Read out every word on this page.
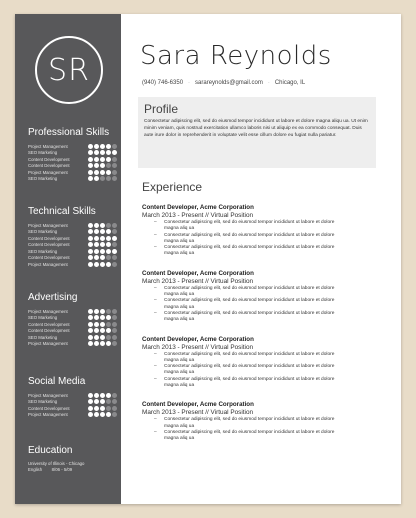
SR
Professional Skills
Project Management
SEO Marketing
Content Development
Content Development
Project Management
SEO Marketing
Technical Skills
Project Management
SEO Marketing
Content Development
Content Development
SEO Marketing
Content Development
Project Management
Advertising
Project Management
SEO Marketing
Content Development
Content Development
SEO Marketing
Project Management
Social Media
Project Management
SEO Marketing
Content Development
Project Management
Education
University of Illinois - Chicago
English        8/06 - 5/09
Sara Reynolds
(940) 746-6350 · sarareynolds@gmail.com · Chicago, IL
Profile
Consectetur adipiscing elit, sed do eiusmod tempor incididunt ut labore et dolore magna aliqu ua. Ut enim minim veniam, quis nostrud exercitation ullamco laboris nisi ut aliquip ex ea commodo consequat. Duis aute irure dolor in reprehenderit in voluptate velit esse cillum dolore eu fugiat nulla pariatur.
Experience
Content Developer, Acme Corporation
March 2013 - Present // Virtual Position
–	Consectetur adipiscing elit, sed do eiusmod tempor incididunt ut labore et dolore magna aliq ua
–	Consectetur adipiscing elit, sed do eiusmod tempor incididunt ut labore et dolore magna aliq ua
–	Consectetur adipiscing elit, sed do eiusmod tempor incididunt ut labore et dolore magna aliq ua
Content Developer, Acme Corporation
March 2013 - Present // Virtual Position
–	Consectetur adipiscing elit, sed do eiusmod tempor incididunt ut labore et dolore magna aliq ua
–	Consectetur adipiscing elit, sed do eiusmod tempor incididunt ut labore et dolore magna aliq ua
–	Consectetur adipiscing elit, sed do eiusmod tempor incididunt ut labore et dolore magna aliq ua
Content Developer, Acme Corporation
March 2013 - Present // Virtual Position
–	Consectetur adipiscing elit, sed do eiusmod tempor incididunt ut labore et dolore magna aliq ua
–	Consectetur adipiscing elit, sed do eiusmod tempor incididunt ut labore et dolore magna aliq ua
–	Consectetur adipiscing elit, sed do eiusmod tempor incididunt ut labore et dolore magna aliq ua
Content Developer, Acme Corporation
March 2013 - Present // Virtual Position
–	Consectetur adipiscing elit, sed do eiusmod tempor incididunt ut labore et dolore magna aliq ua
–	Consectetur adipiscing elit, sed do eiusmod tempor incididunt ut labore et dolore magna aliq ua
